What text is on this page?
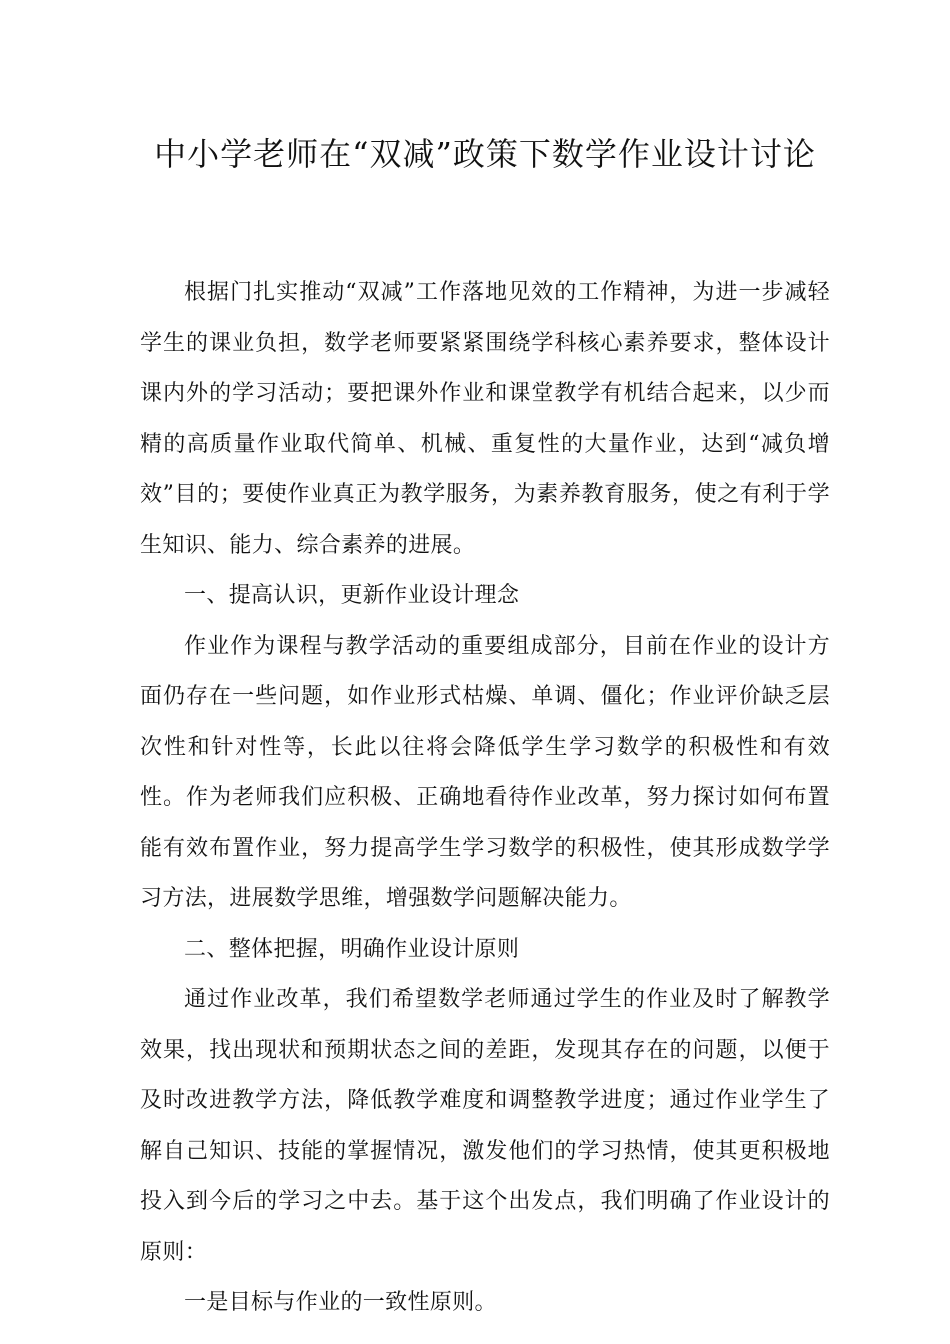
中小学老师在“双减”政策下数学作业设计讨论

根据门扎实推动“双减”工作落地见效的工作精神，为进一步减轻学生的课业负担，数学老师要紧紧围绕学科核心素养要求，整体设计课内外的学习活动；要把课外作业和课堂教学有机结合起来，以少而精的高质量作业取代简单、机械、重复性的大量作业，达到“减负增效”目的；要使作业真正为教学服务，为素养教育服务，使之有利于学生知识、能力、综合素养的进展。

一、提高认识，更新作业设计理念

作业作为课程与教学活动的重要组成部分，目前在作业的设计方面仍存在一些问题，如作业形式枯燥、单调、僵化；作业评价缺乏层次性和针对性等，长此以往将会降低学生学习数学的积极性和有效性。作为老师我们应积极、正确地看待作业改革，努力探讨如何布置能有效布置作业，努力提高学生学习数学的积极性，使其形成数学学习方法，进展数学思维，增强数学问题解决能力。

二、整体把握，明确作业设计原则

通过作业改革，我们希望数学老师通过学生的作业及时了解教学效果，找出现状和预期状态之间的差距，发现其存在的问题，以便于及时改进教学方法，降低教学难度和调整教学进度；通过作业学生了解自己知识、技能的掌握情况，激发他们的学习热情，使其更积极地投入到今后的学习之中去。基于这个出发点，我们明确了作业设计的原则：

一是目标与作业的一致性原则。
